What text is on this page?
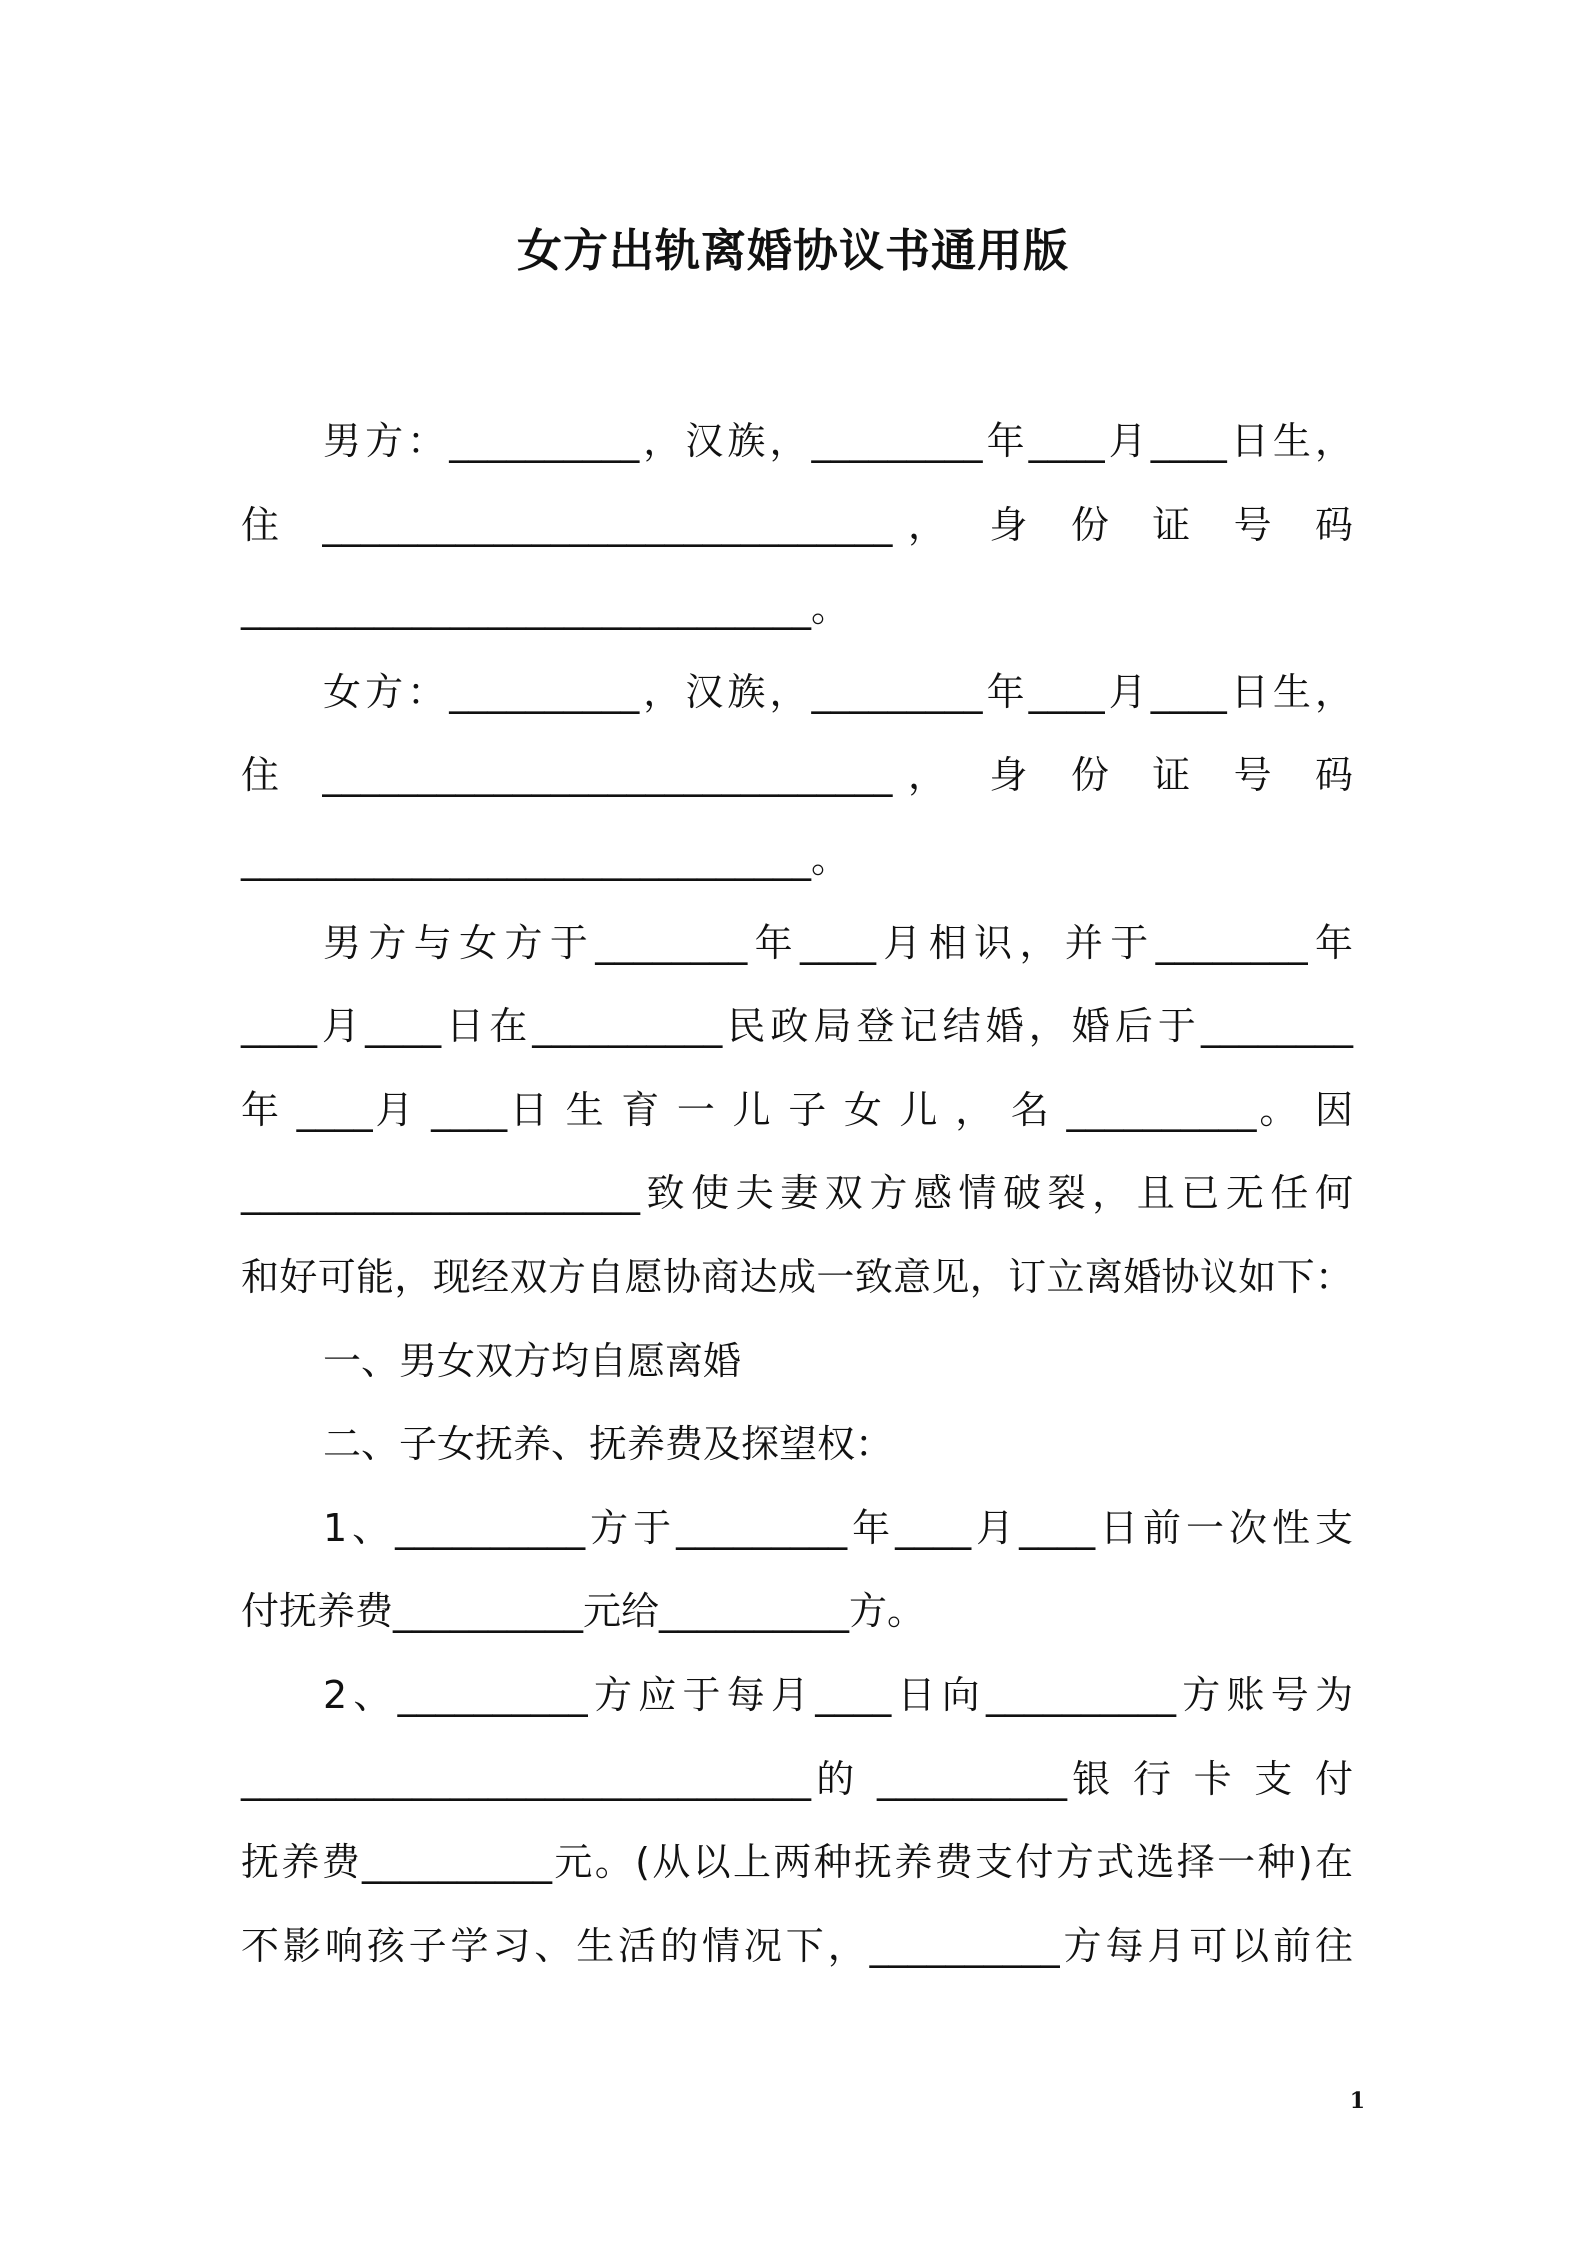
女方出轨离婚协议书通用版
男方：__________，汉族，_________年____月____日生，
住 ______________________________， 身 份 证 号 码
______________________________。
女方：__________，汉族，_________年____月____日生，
住 ______________________________， 身 份 证 号 码
______________________________。
男方与女方于________年____月相识，并于________年
____月____日在__________民政局登记结婚，婚后于________
年 ____月 ____日 生 育 一 儿 子 女 儿 ， 名 __________。 因
_____________________致使夫妻双方感情破裂，且已无任何
和好可能，现经双方自愿协商达成一致意见，订立离婚协议如下：
一、男女双方均自愿离婚
二、子女抚养、抚养费及探望权：
1、__________方于_________年____月____日前一次性支
付抚养费__________元给__________方。
2、__________方应于每月____日向__________方账号为
______________________________的 __________银 行 卡 支 付
抚养费__________元。(从以上两种抚养费支付方式选择一种)在
不影响孩子学习、生活的情况下，__________方每月可以前往
1
